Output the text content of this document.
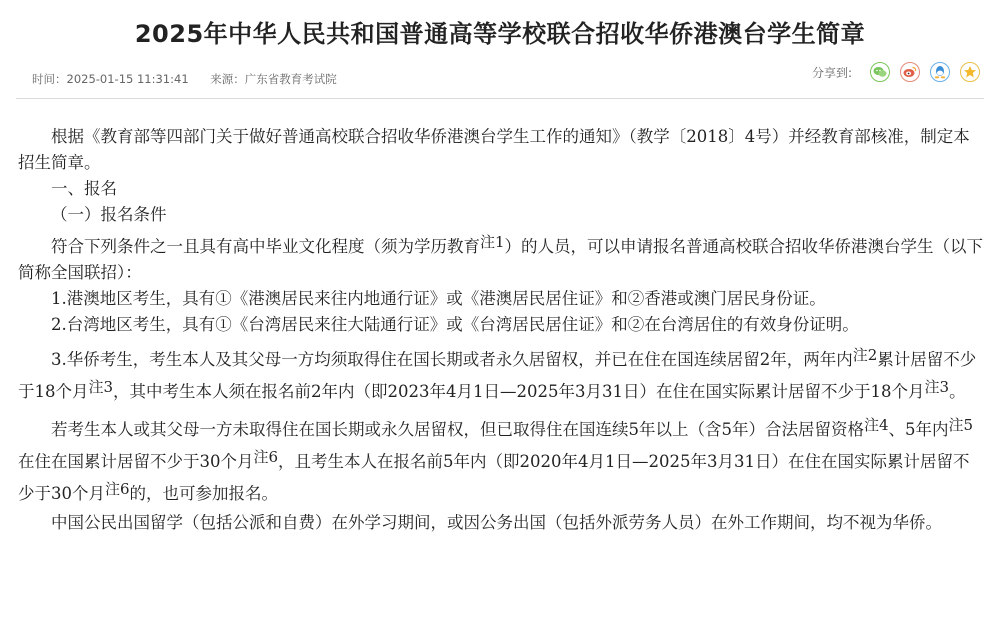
2025年中华人民共和国普通高等学校联合招收华侨港澳台学生简章
时间：2025-01-15 11:31:41 来源：广东省教育考试院	分享到:

根据《教育部等四部门关于做好普通高校联合招收华侨港澳台学生工作的通知》（教学〔2018〕4号）并经教育部核准，制定本招生简章。

一、报名

（一）报名条件

符合下列条件之一且具有高中毕业文化程度（须为学历教育$^{注1}$）的人员，可以申请报名普通高校联合招收华侨港澳台学生（以下简称全国联招）：

1.港澳地区考生，具有①《港澳居民来往内地通行证》或《港澳居民居住证》和②香港或澳门居民身份证。

2.台湾地区考生，具有①《台湾居民来往大陆通行证》或《台湾居民居住证》和②在台湾居住的有效身份证明。

3.华侨考生，考生本人及其父母一方均须取得住在国长期或者永久居留权，并已在住在国连续居留2年，两年内$^{注2}$累计居留不少于18个月$^{注3}$，其中考生本人须在报名前2年内（即2023年4月1日—2025年3月31日）在住在国实际累计居留不少于18个月$^{注3}$。

若考生本人或其父母一方未取得住在国长期或永久居留权，但已取得住在国连续5年以上（含5年）合法居留资格$^{注4}$、5年内$^{注5}$在住在国累计居留不少于30个月$^{注6}$，且考生本人在报名前5年内（即2020年4月1日—2025年3月31日）在住在国实际累计居留不少于30个月$^{注6}$的，也可参加报名。

中国公民出国留学（包括公派和自费）在外学习期间，或因公务出国（包括外派劳务人员）在外工作期间，均不视为华侨。
